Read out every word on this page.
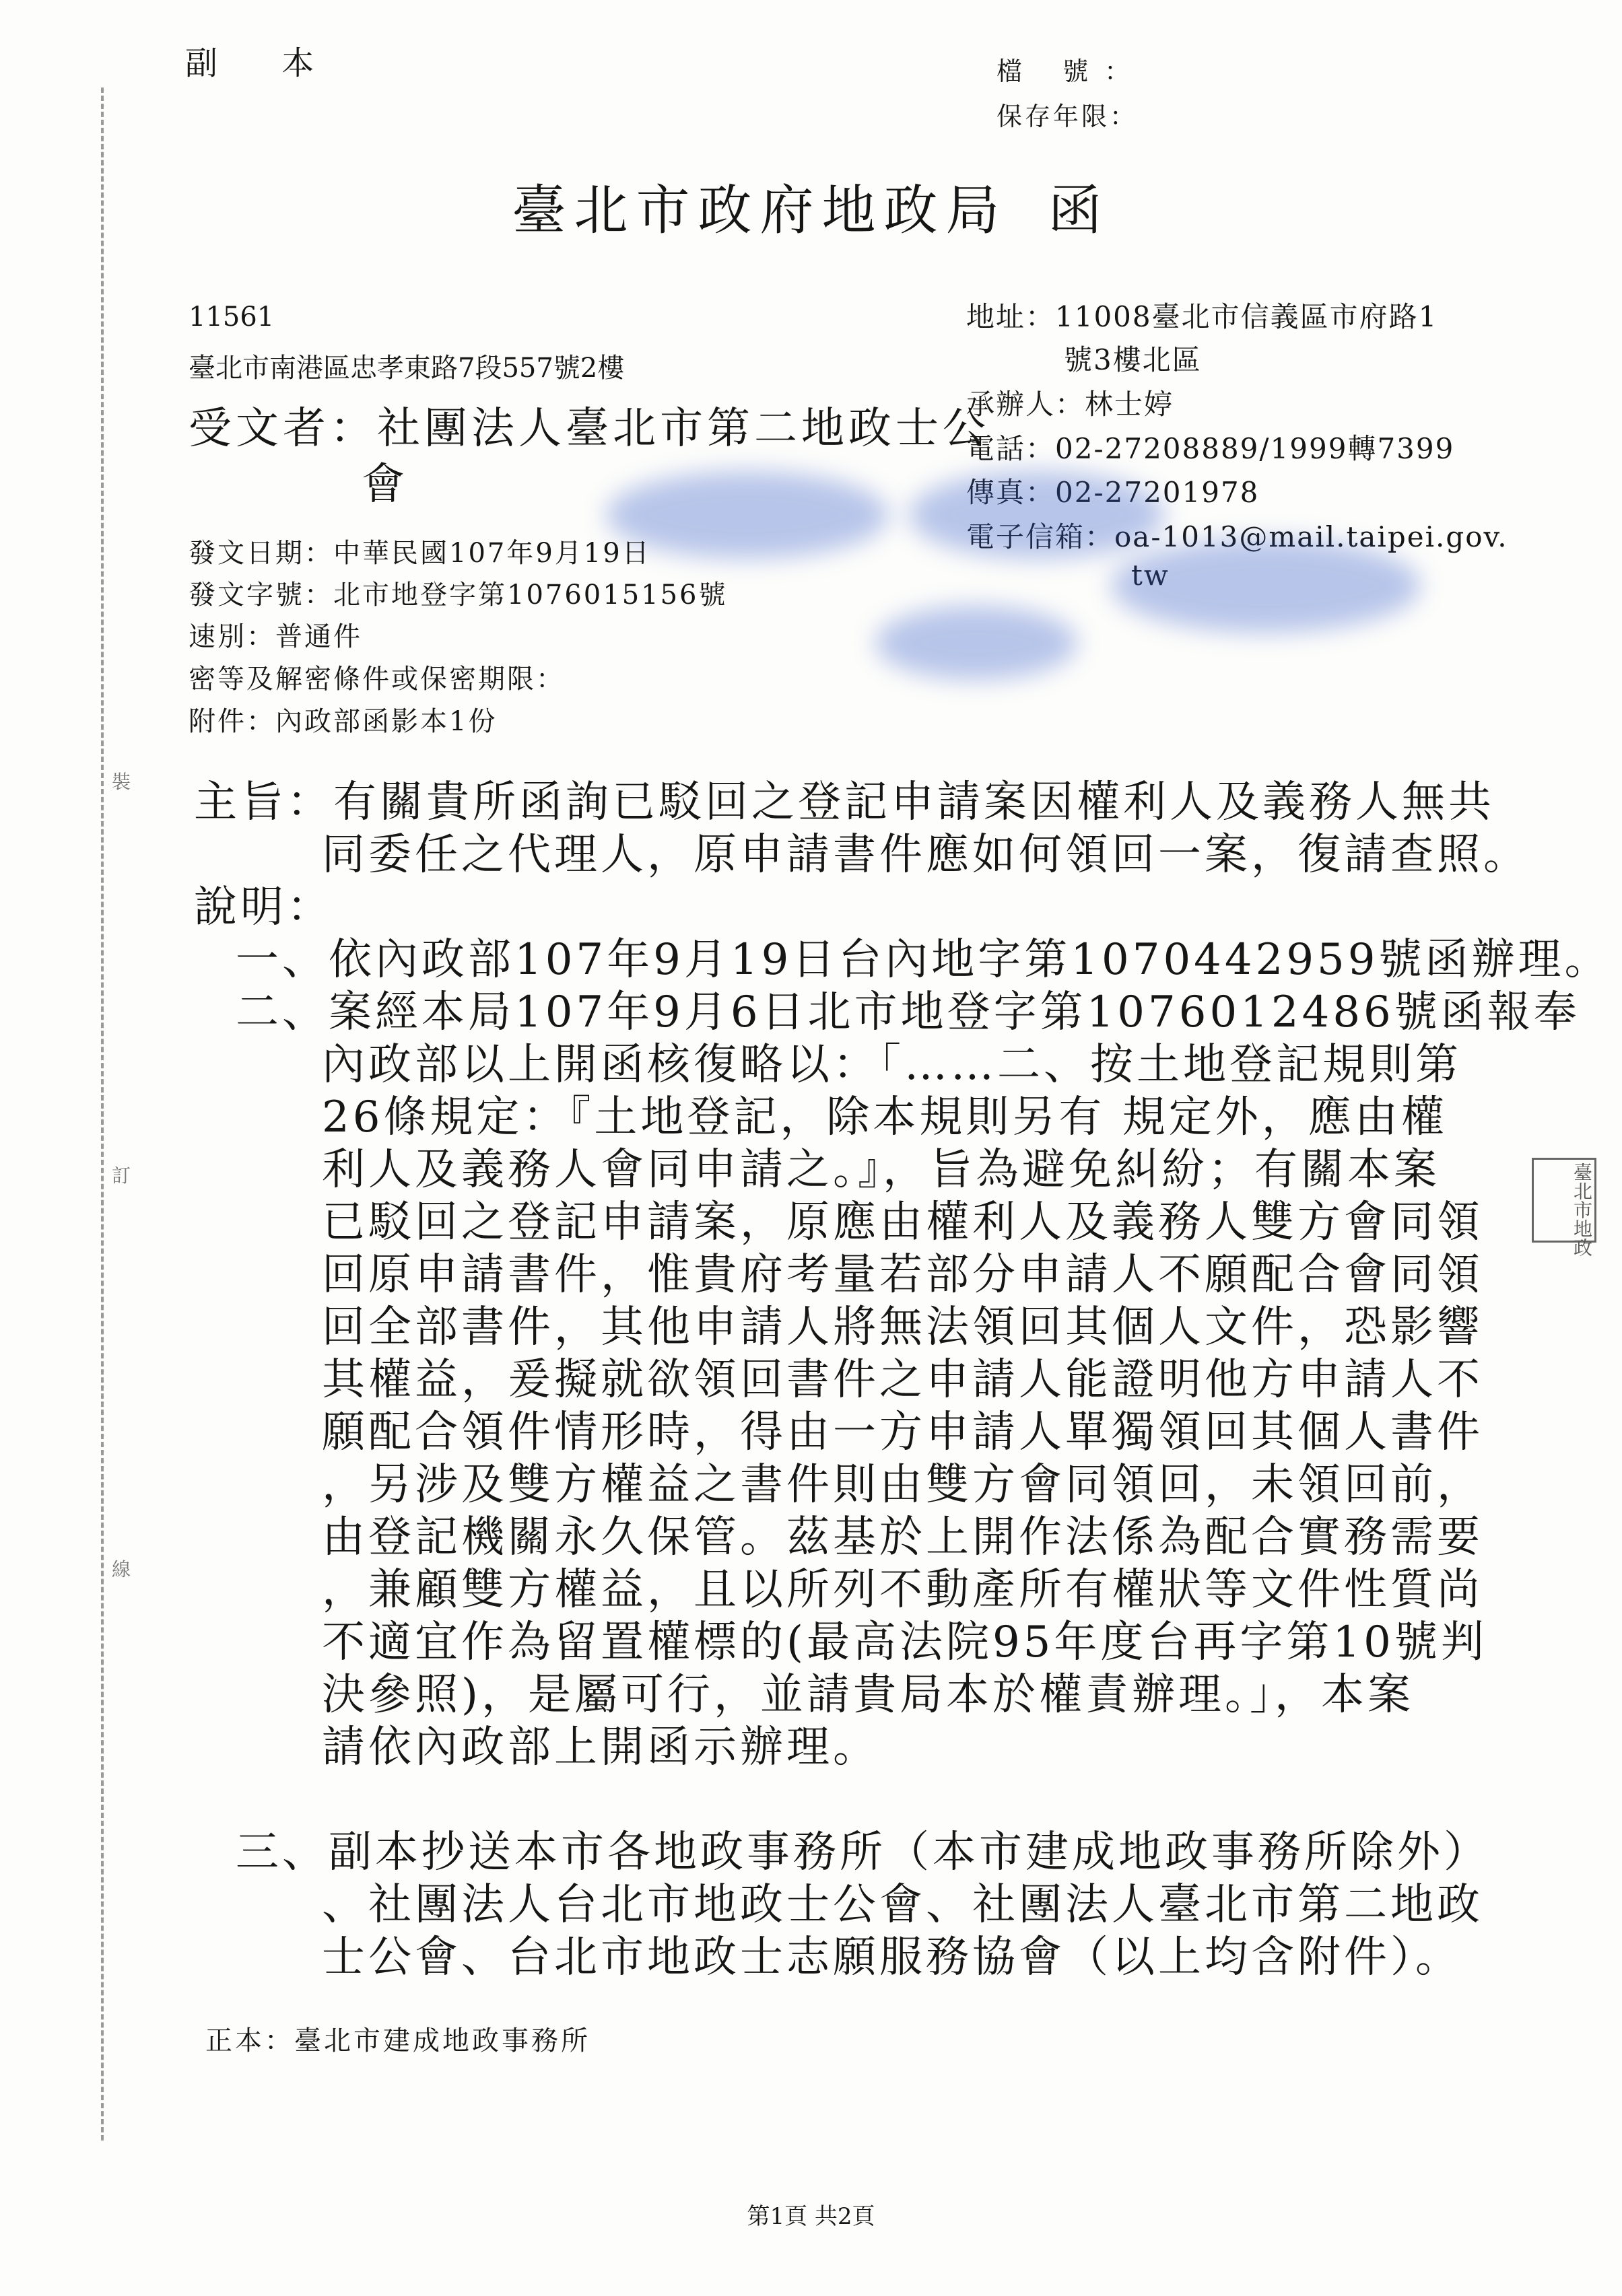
副 本	檔 號：
保存年限：
裝
訂
線
臺北市政府地政局 函
11561
臺北市南港區忠孝東路7段557號2樓
受文者：社團法人臺北市第二地政士公
會
地址：11008臺北市信義區市府路1
號3樓北區
承辦人：林士婷
電話：02-27208889/1999轉7399
傳真：02-27201978
電子信箱：oa-1013@mail.taipei.gov.
tw
發文日期：中華民國107年9月19日
發文字號：北市地登字第1076015156號
速別：普通件
密等及解密條件或保密期限：
附件：內政部函影本1份
主旨：有關貴所函詢已駁回之登記申請案因權利人及義務人無共
同委任之代理人，原申請書件應如何領回一案，復請查照。
說明：
一、依內政部107年9月19日台內地字第1070442959號函辦理。
二、案經本局107年9月6日北市地登字第1076012486號函報奉
內政部以上開函核復略以：「……二、按土地登記規則第
26條規定：『土地登記，除本規則另有 規定外，應由權
利人及義務人會同申請之。』，旨為避免糾紛；有關本案
已駁回之登記申請案，原應由權利人及義務人雙方會同領
回原申請書件，惟貴府考量若部分申請人不願配合會同領
回全部書件，其他申請人將無法領回其個人文件，恐影響
其權益，爰擬就欲領回書件之申請人能證明他方申請人不
願配合領件情形時，得由一方申請人單獨領回其個人書件
，另涉及雙方權益之書件則由雙方會同領回，未領回前，
由登記機關永久保管。茲基於上開作法係為配合實務需要
，兼顧雙方權益，且以所列不動產所有權狀等文件性質尚
不適宜作為留置權標的(最高法院95年度台再字第10號判
決參照)，是屬可行，並請貴局本於權責辦理。」，本案
請依內政部上開函示辦理。
三、副本抄送本市各地政事務所（本市建成地政事務所除外）
、社團法人台北市地政士公會、社團法人臺北市第二地政
士公會、台北市地政士志願服務協會（以上均含附件）。
臺北市地政
正本：臺北市建成地政事務所
第1頁 共2頁
